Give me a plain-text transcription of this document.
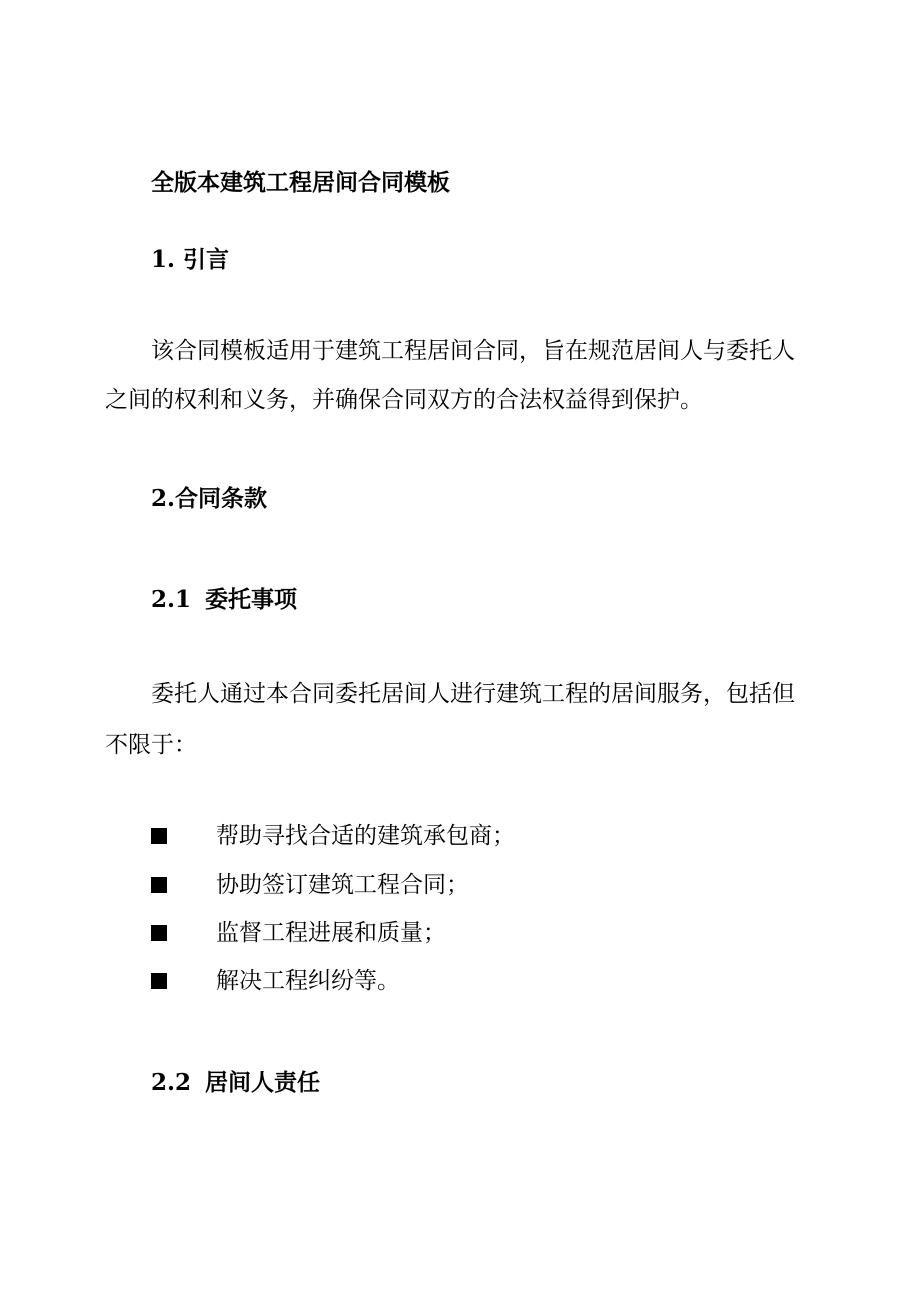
全版本建筑工程居间合同模板
1. 引言
该合同模板适用于建筑工程居间合同，旨在规范居间人与委托人
之间的权利和义务，并确保合同双方的合法权益得到保护。
2.合同条款
2.1 委托事项
委托人通过本合同委托居间人进行建筑工程的居间服务，包括但
不限于：
帮助寻找合适的建筑承包商；
协助签订建筑工程合同；
监督工程进展和质量；
解决工程纠纷等。
2.2 居间人责任
